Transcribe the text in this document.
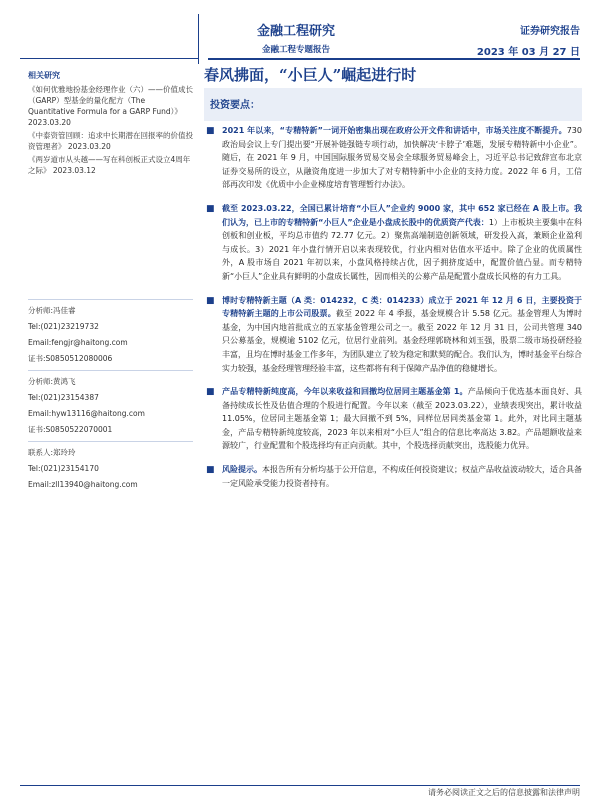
金融工程研究
金融工程专题报告
证券研究报告
2023 年 03 月 27 日
春风拂面，“小巨人”崛起进行时
相关研究
《如何优雅地扮基金经理作业（六）——价值成长（GARP）型基金的量化配方（The Quantitative Formula for a GARP Fund）》 2023.03.20
《中泰资管回顾：追求中长期潜在回报率的价值投资管理者》 2023.03.20
《两岁道市从头越——写在科创板正式设立4周年之际》 2023.03.12
分析师:冯佳睿
Tel:(021)23219732
Email:fengjr@haitong.com
证书:S0850512080006
分析师:黄鸿飞
Tel:(021)23154387
Email:hyw13116@haitong.com
证书:S0850522070001
联系人:郑玲玲
Tel:(021)23154170
Email:zll13940@haitong.com
投资要点：
■ 2021 年以来，“专精特新”一词开始密集出现在政府公开文件和讲话中，市场关注度不断提升。730 政治局会议上专门提出要“开展补链强链专项行动，加快解决‘卡脖子’难题，发展专精特新中小企业”。随后，在 2021 年 9 月，中国国际服务贸易交易会全球服务贸易峰会上，习近平总书记致辞宣布北京证券交易所的设立，从融资角度进一步加大了对专精特新中小企业的支持力度。2022 年 6 月，工信部再次印发《优质中小企业梯度培育管理暂行办法》。
■ 截至 2023.03.22，全国已累计培育“小巨人”企业约 9000 家，其中 652 家已经在 A 股上市。我们认为，已上市的专精特新“小巨人”企业是小盘成长股中的优质资产代表：1）上市板块主要集中在科创板和创业板，平均总市值约 72.77 亿元。2）聚焦高端制造创新领域，研发投入高，兼顾企业盈利与成长。3）2021 年小盘行情开启以来表现较优，行业内相对估值水平适中。除了企业的优质属性外，A 股市场自 2021 年初以来，小盘风格持续占优，因子拥挤度适中，配置价值凸显。而专精特新“小巨人”企业具有鲜明的小盘成长属性，因而相关的公募产品是配置小盘成长风格的有力工具。
■ 博时专精特新主题（A 类：014232，C 类：014233）成立于 2021 年 12 月 6 日，主要投资于专精特新主题的上市公司股票。截至 2022 年 4 季报，基金规模合计 5.58 亿元。基金管理人为博时基金，为中国内地首批成立的五家基金管理公司之一。截至 2022 年 12 月 31 日，公司共管理 340 只公募基金，规模逾 5102 亿元，位居行业前列。基金经理郭晓林和刘玉强，股票二级市场投研经验丰富，且均在博时基金工作多年，为团队建立了较为稳定和默契的配合。我们认为，博时基金平台综合实力较强，基金经理管理经验丰富，这些都将有利于保障产品净值的稳健增长。
■ 产品专精特新纯度高，今年以来收益和回撤均位居同主题基金第 1。产品倾向于优选基本面良好、具备持续成长性及估值合理的个股进行配置。今年以来（截至 2023.03.22），业绩表现突出，累计收益 11.05%，位居同主题基金第 1；最大回撤不到 5%，同样位居同类基金第 1。此外，对比同主题基金，产品专精特新纯度较高，2023 年以来相对“小巨人”组合的信息比率高达 3.82。产品超额收益来源较广，行业配置和个股选择均有正向贡献。其中，个股选择贡献突出，选股能力优异。
■ 风险提示。本报告所有分析均基于公开信息，不构成任何投资建议；权益产品收益波动较大，适合具备一定风险承受能力投资者持有。
请务必阅读正文之后的信息披露和法律声明
